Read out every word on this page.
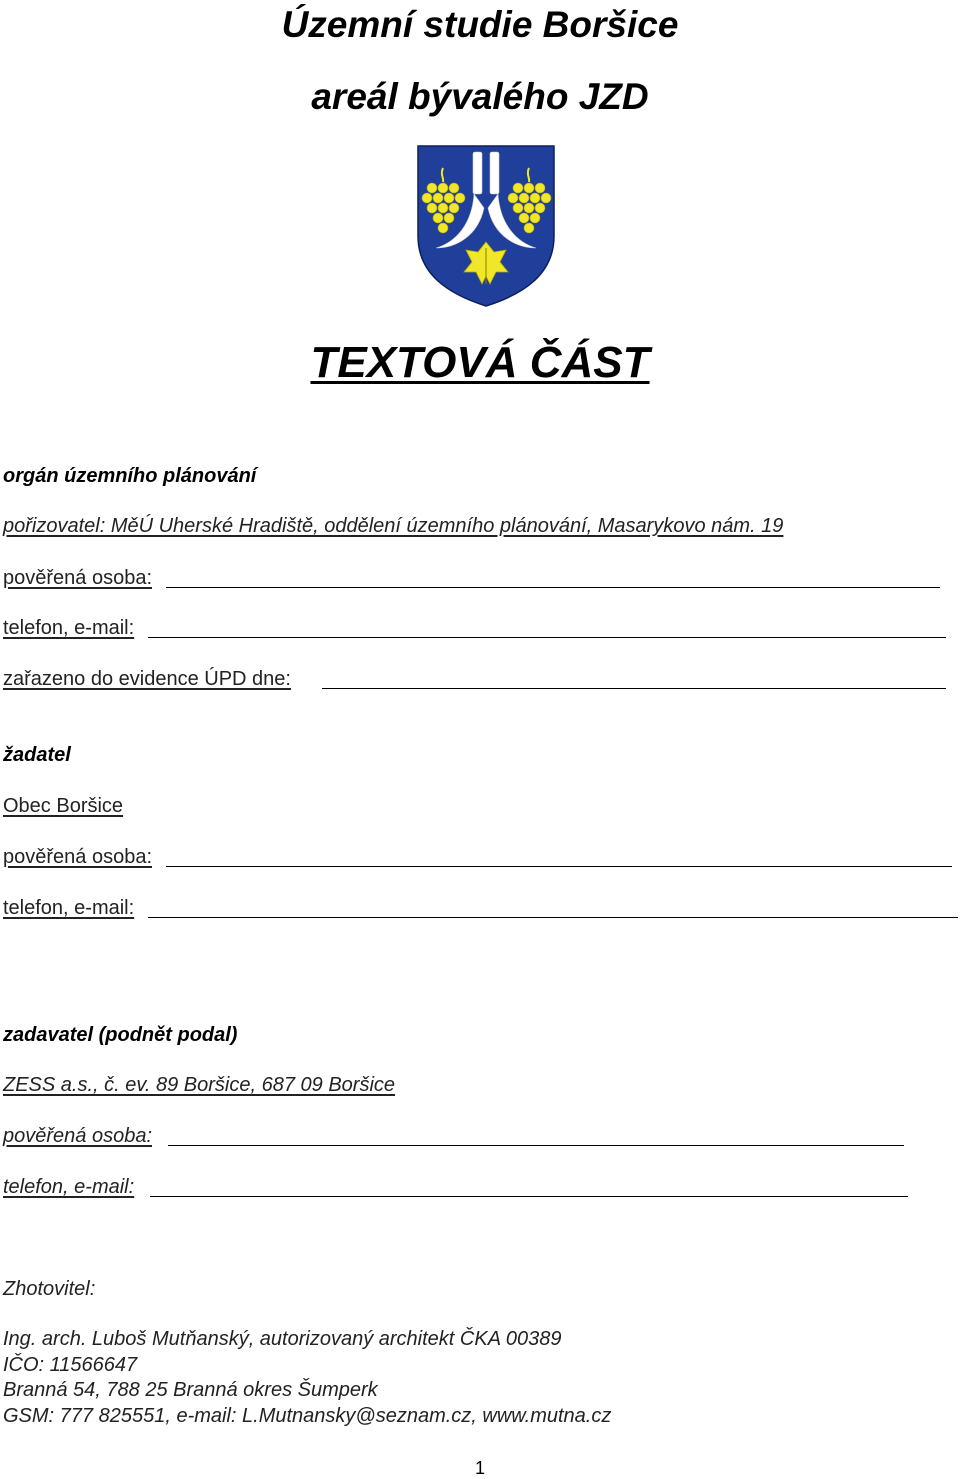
Územní studie Boršice
areál bývalého JZD
TEXTOVÁ ČÁST
orgán územního plánování
pořizovatel: MěÚ Uherské Hradiště, oddělení územního plánování, Masarykovo nám. 19
pověřená osoba:
telefon, e-mail:
zařazeno do evidence ÚPD dne:
žadatel
Obec Boršice
pověřená osoba:
telefon, e-mail:
zadavatel (podnět podal)
ZESS a.s., č. ev. 89 Boršice, 687 09 Boršice
pověřená osoba:
telefon, e-mail:
Zhotovitel:
Ing. arch. Luboš Mutňanský, autorizovaný architekt ČKA 00389
IČO: 11566647
Branná 54, 788 25 Branná okres Šumperk
GSM: 777 825551, e-mail: L.Mutnansky@seznam.cz, www.mutna.cz
1
